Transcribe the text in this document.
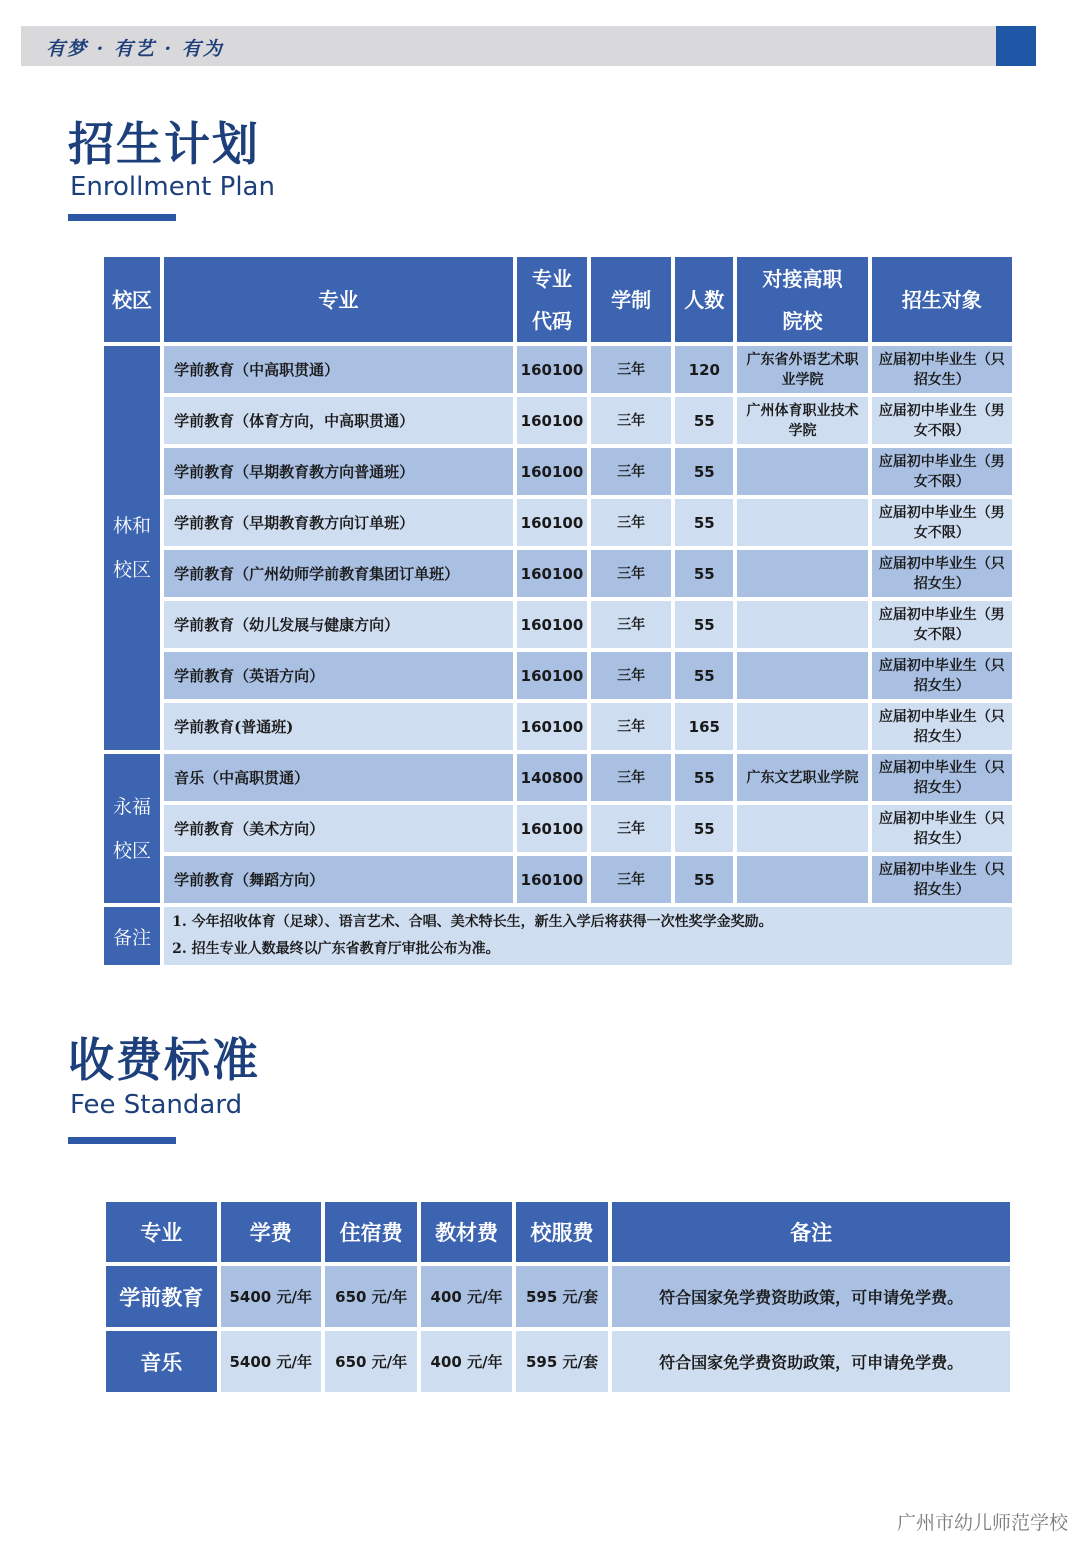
有梦 · 有艺 · 有为
招生计划
Enrollment Plan
校区	专业	专业代码	学制	人数	对接高职院校	招生对象
林和校区	学前教育（中高职贯通）	160100	三年	120	广东省外语艺术职业学院	应届初中毕业生（只招女生）
	学前教育（体育方向，中高职贯通）	160100	三年	55	广州体育职业技术学院	应届初中毕业生（男女不限）
	学前教育（早期教育教方向普通班）	160100	三年	55		应届初中毕业生（男女不限）
	学前教育（早期教育教方向订单班）	160100	三年	55		应届初中毕业生（男女不限）
	学前教育（广州幼师学前教育集团订单班）	160100	三年	55		应届初中毕业生（只招女生）
	学前教育（幼儿发展与健康方向）	160100	三年	55		应届初中毕业生（男女不限）
	学前教育（英语方向）	160100	三年	55		应届初中毕业生（只招女生）
	学前教育(普通班)	160100	三年	165		应届初中毕业生（只招女生）
永福校区	音乐（中高职贯通）	140800	三年	55	广东文艺职业学院	应届初中毕业生（只招女生）
	学前教育（美术方向）	160100	三年	55		应届初中毕业生（只招女生）
	学前教育（舞蹈方向）	160100	三年	55		应届初中毕业生（只招女生）
备注	1. 今年招收体育（足球）、语言艺术、合唱、美术特长生，新生入学后将获得一次性奖学金奖励。
2. 招生专业人数最终以广东省教育厅审批公布为准。					
收费标准
Fee Standard
专业	学费	住宿费	教材费	校服费	备注
学前教育	5400 元/年	650 元/年	400 元/年	595 元/套	符合国家免学费资助政策，可申请免学费。
音乐	5400 元/年	650 元/年	400 元/年	595 元/套	符合国家免学费资助政策，可申请免学费。
广州市幼儿师范学校
